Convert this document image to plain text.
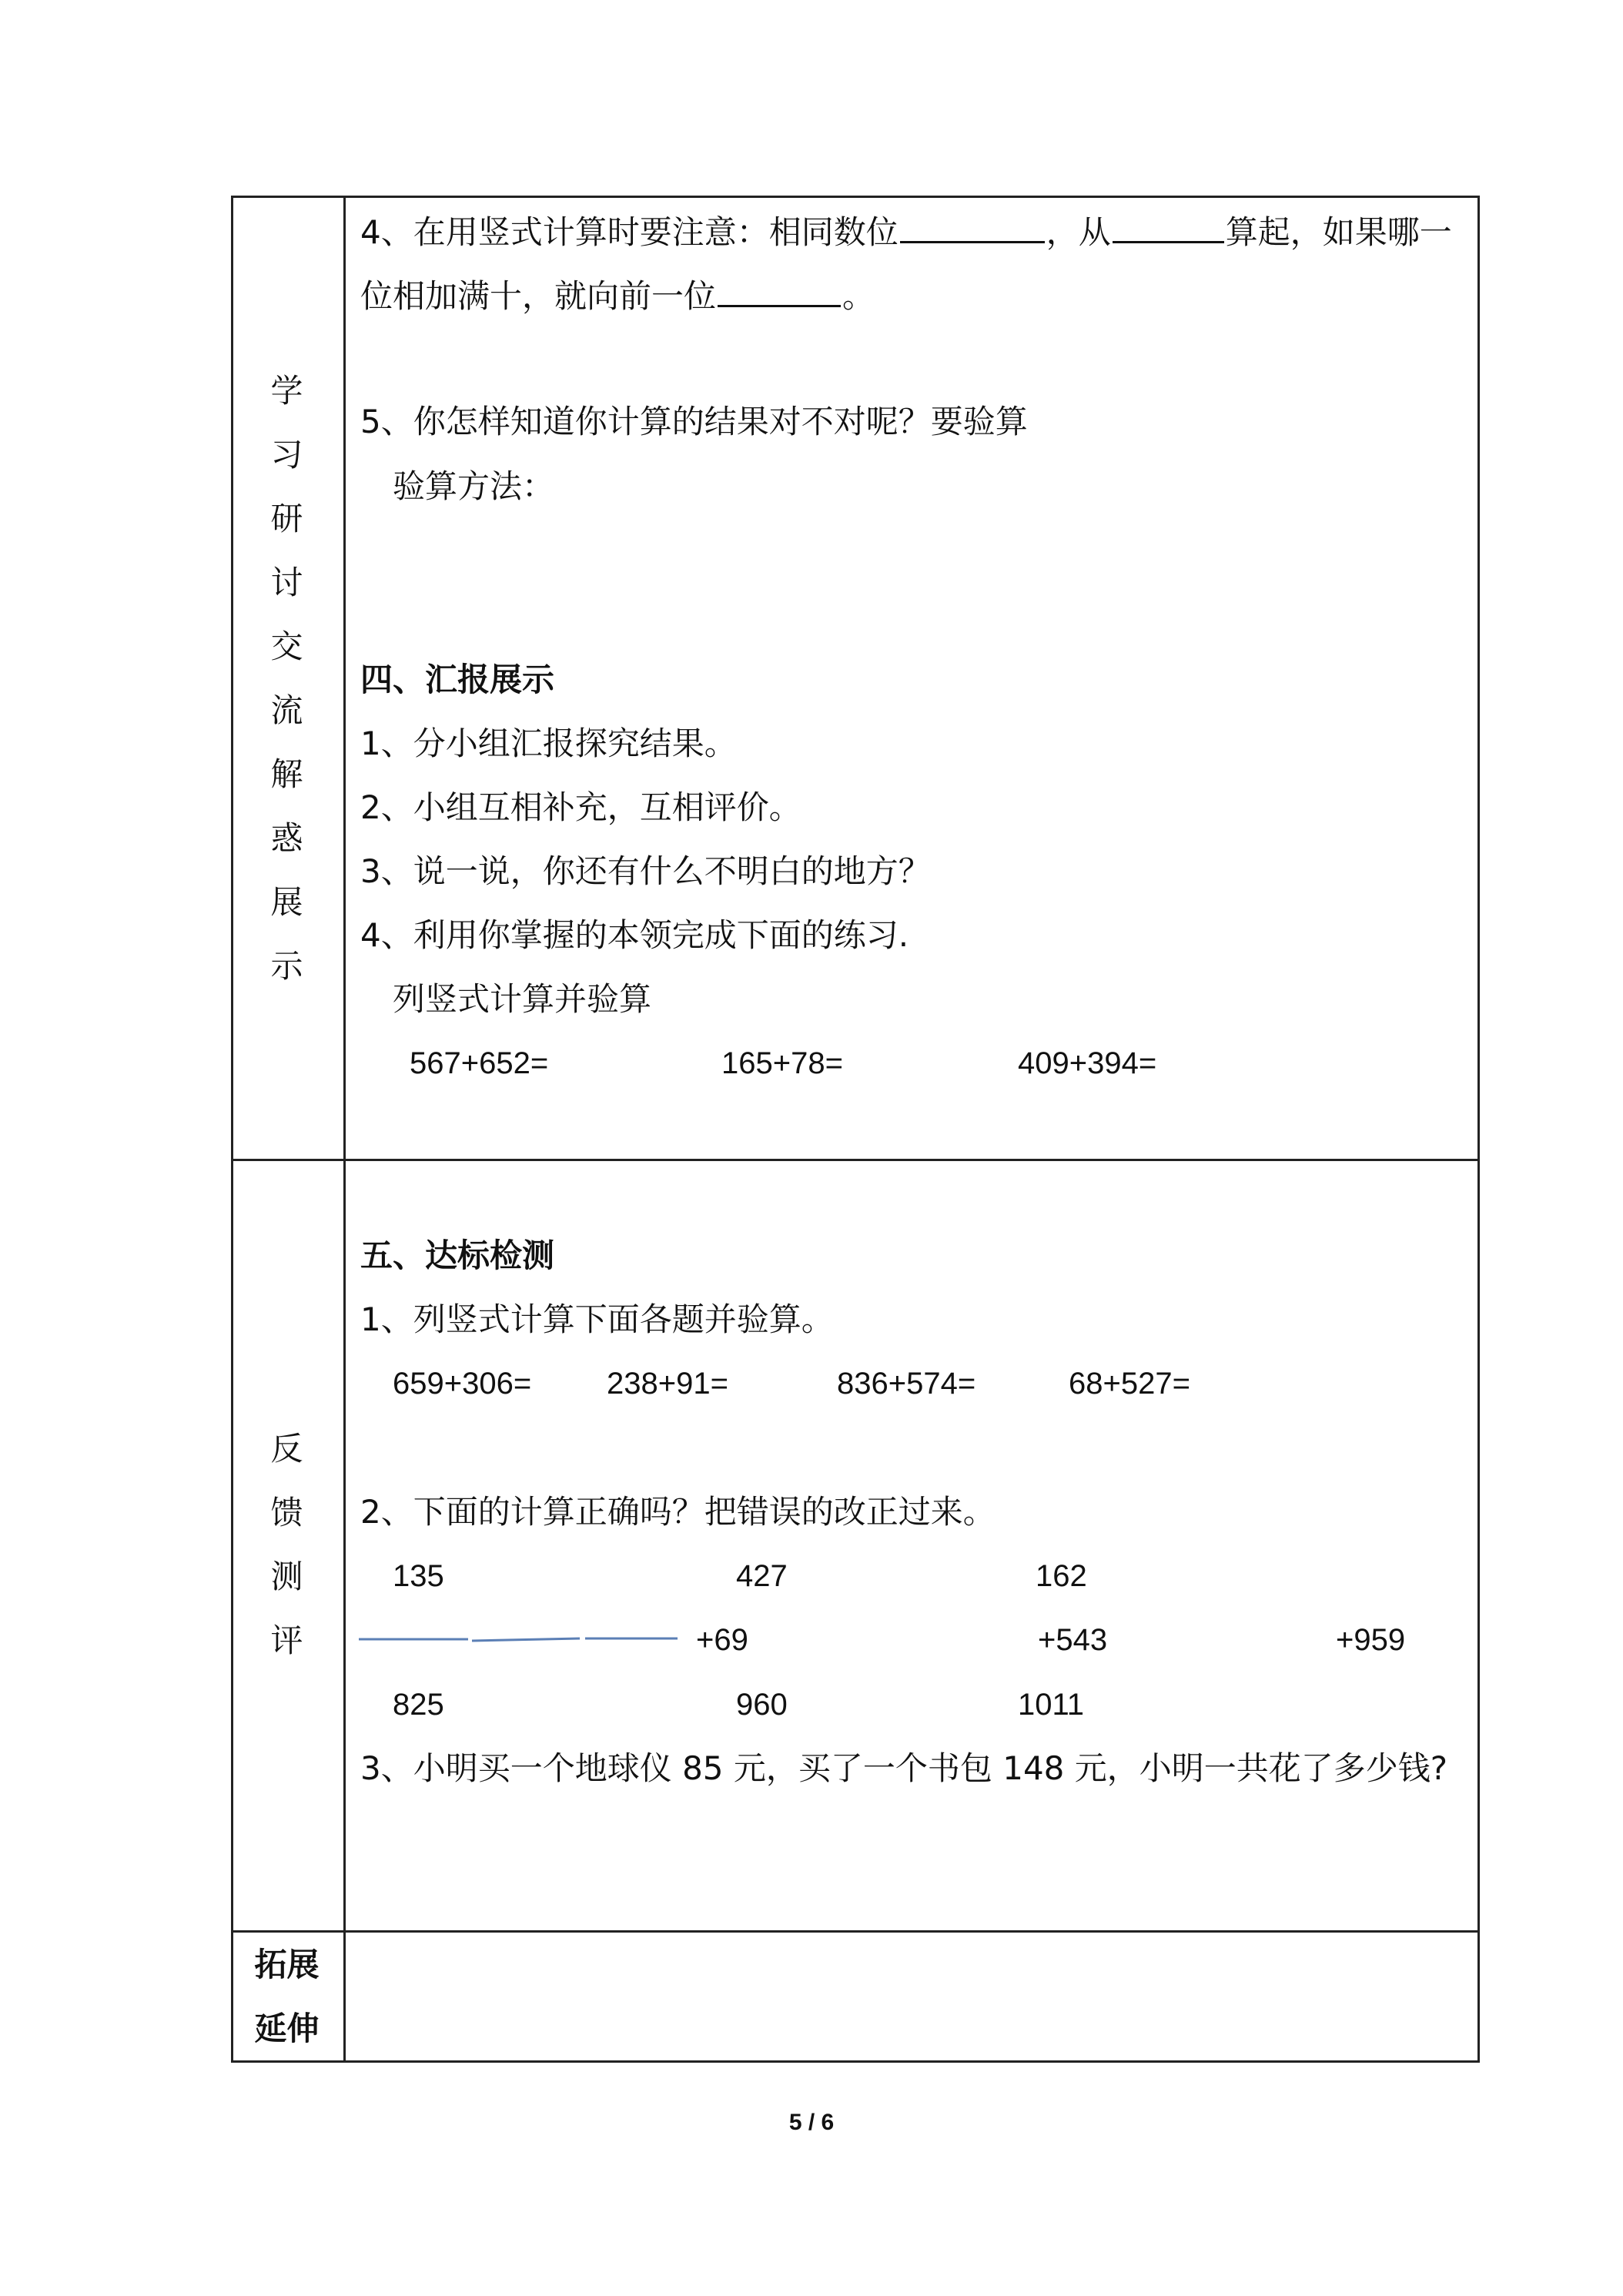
学
习
研
讨
交
流
解
惑
展
示
4、在用竖式计算时要注意：相同数位	，从	算起，如果哪一
位相加满十，就向前一位	。
5、你怎样知道你计算的结果对不对呢？要验算
验算方法：
四、汇报展示
1、分小组汇报探究结果。
2、小组互相补充，互相评价。
3、说一说，你还有什么不明白的地方？
4、利用你掌握的本领完成下面的练习.
列竖式计算并验算
567+652=	165+78=	409+394=
反
馈
测
评
五、达标检测
1、列竖式计算下面各题并验算。
659+306= 238+91=	836+574=	68+527=
2、下面的计算正确吗？把错误的改正过来。
135	427	162
+69	+543	+959
825	960	1011
3、小明买一个地球仪 85 元，买了一个书包 148 元，小明一共花了多少钱?
拓展
延伸
5 / 6
